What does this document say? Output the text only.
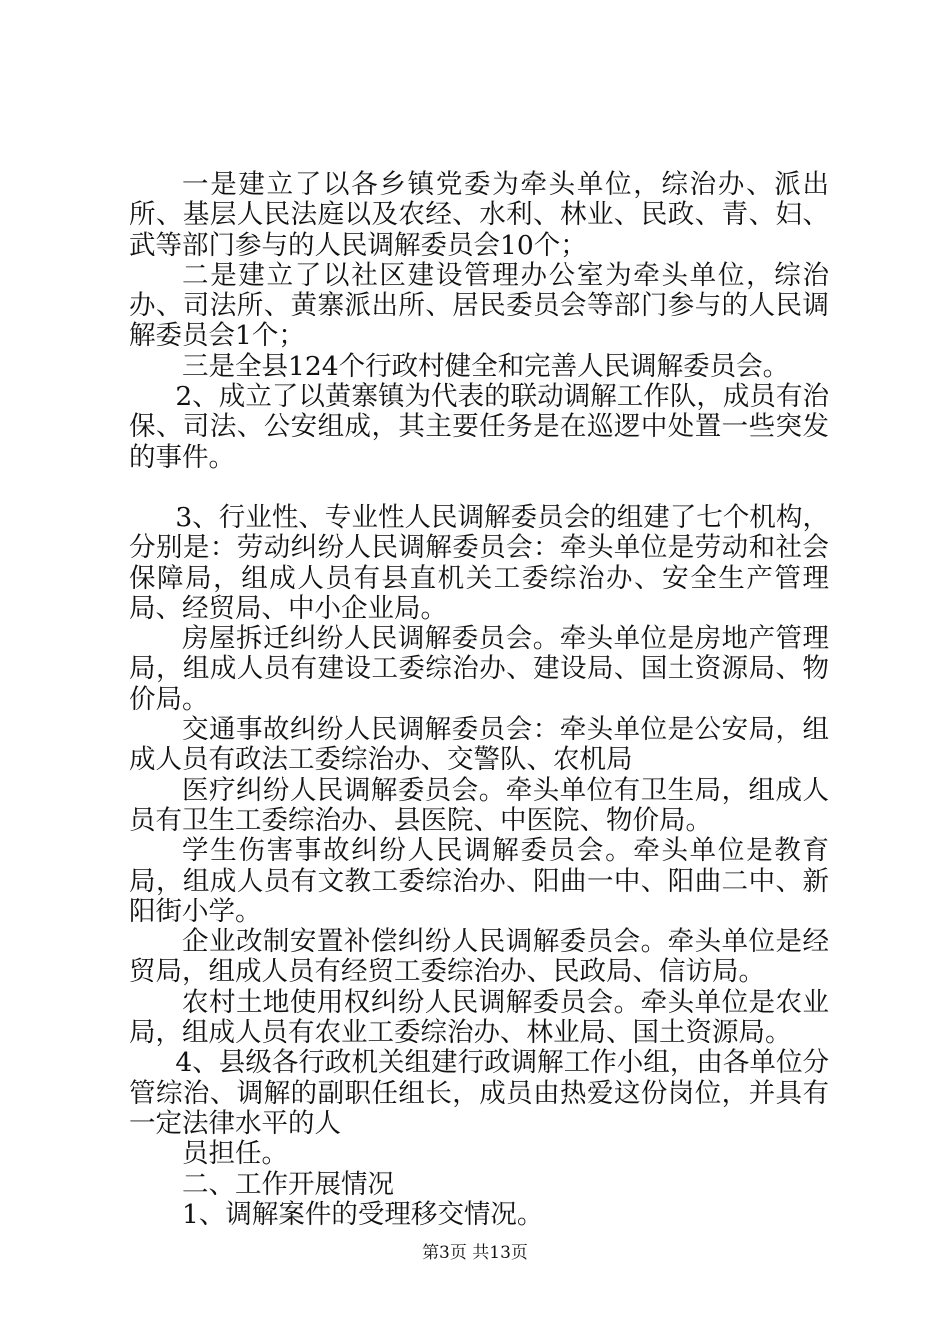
一是建立了以各乡镇党委为牵头单位，综治办、派出所、基层人民法庭以及农经、水利、林业、民政、青、妇、武等部门参与的人民调解委员会10个；

二是建立了以社区建设管理办公室为牵头单位，综治办、司法所、黄寨派出所、居民委员会等部门参与的人民调解委员会1个；

三是全县124个行政村健全和完善人民调解委员会。

2、成立了以黄寨镇为代表的联动调解工作队，成员有治保、司法、公安组成，其主要任务是在巡逻中处置一些突发的事件。

3、行业性、专业性人民调解委员会的组建了七个机构，分别是：劳动纠纷人民调解委员会：牵头单位是劳动和社会保障局，组成人员有县直机关工委综治办、安全生产管理局、经贸局、中小企业局。

房屋拆迁纠纷人民调解委员会。牵头单位是房地产管理局，组成人员有建设工委综治办、建设局、国土资源局、物价局。

交通事故纠纷人民调解委员会：牵头单位是公安局，组成人员有政法工委综治办、交警队、农机局

医疗纠纷人民调解委员会。牵头单位有卫生局，组成人员有卫生工委综治办、县医院、中医院、物价局。

学生伤害事故纠纷人民调解委员会。牵头单位是教育局，组成人员有文教工委综治办、阳曲一中、阳曲二中、新阳街小学。

企业改制安置补偿纠纷人民调解委员会。牵头单位是经贸局，组成人员有经贸工委综治办、民政局、信访局。

农村土地使用权纠纷人民调解委员会。牵头单位是农业局，组成人员有农业工委综治办、林业局、国土资源局。

4、县级各行政机关组建行政调解工作小组，由各单位分管综治、调解的副职任组长，成员由热爱这份岗位，并具有一定法律水平的人

员担任。

二、工作开展情况

1、调解案件的受理移交情况。

第3页 共13页
